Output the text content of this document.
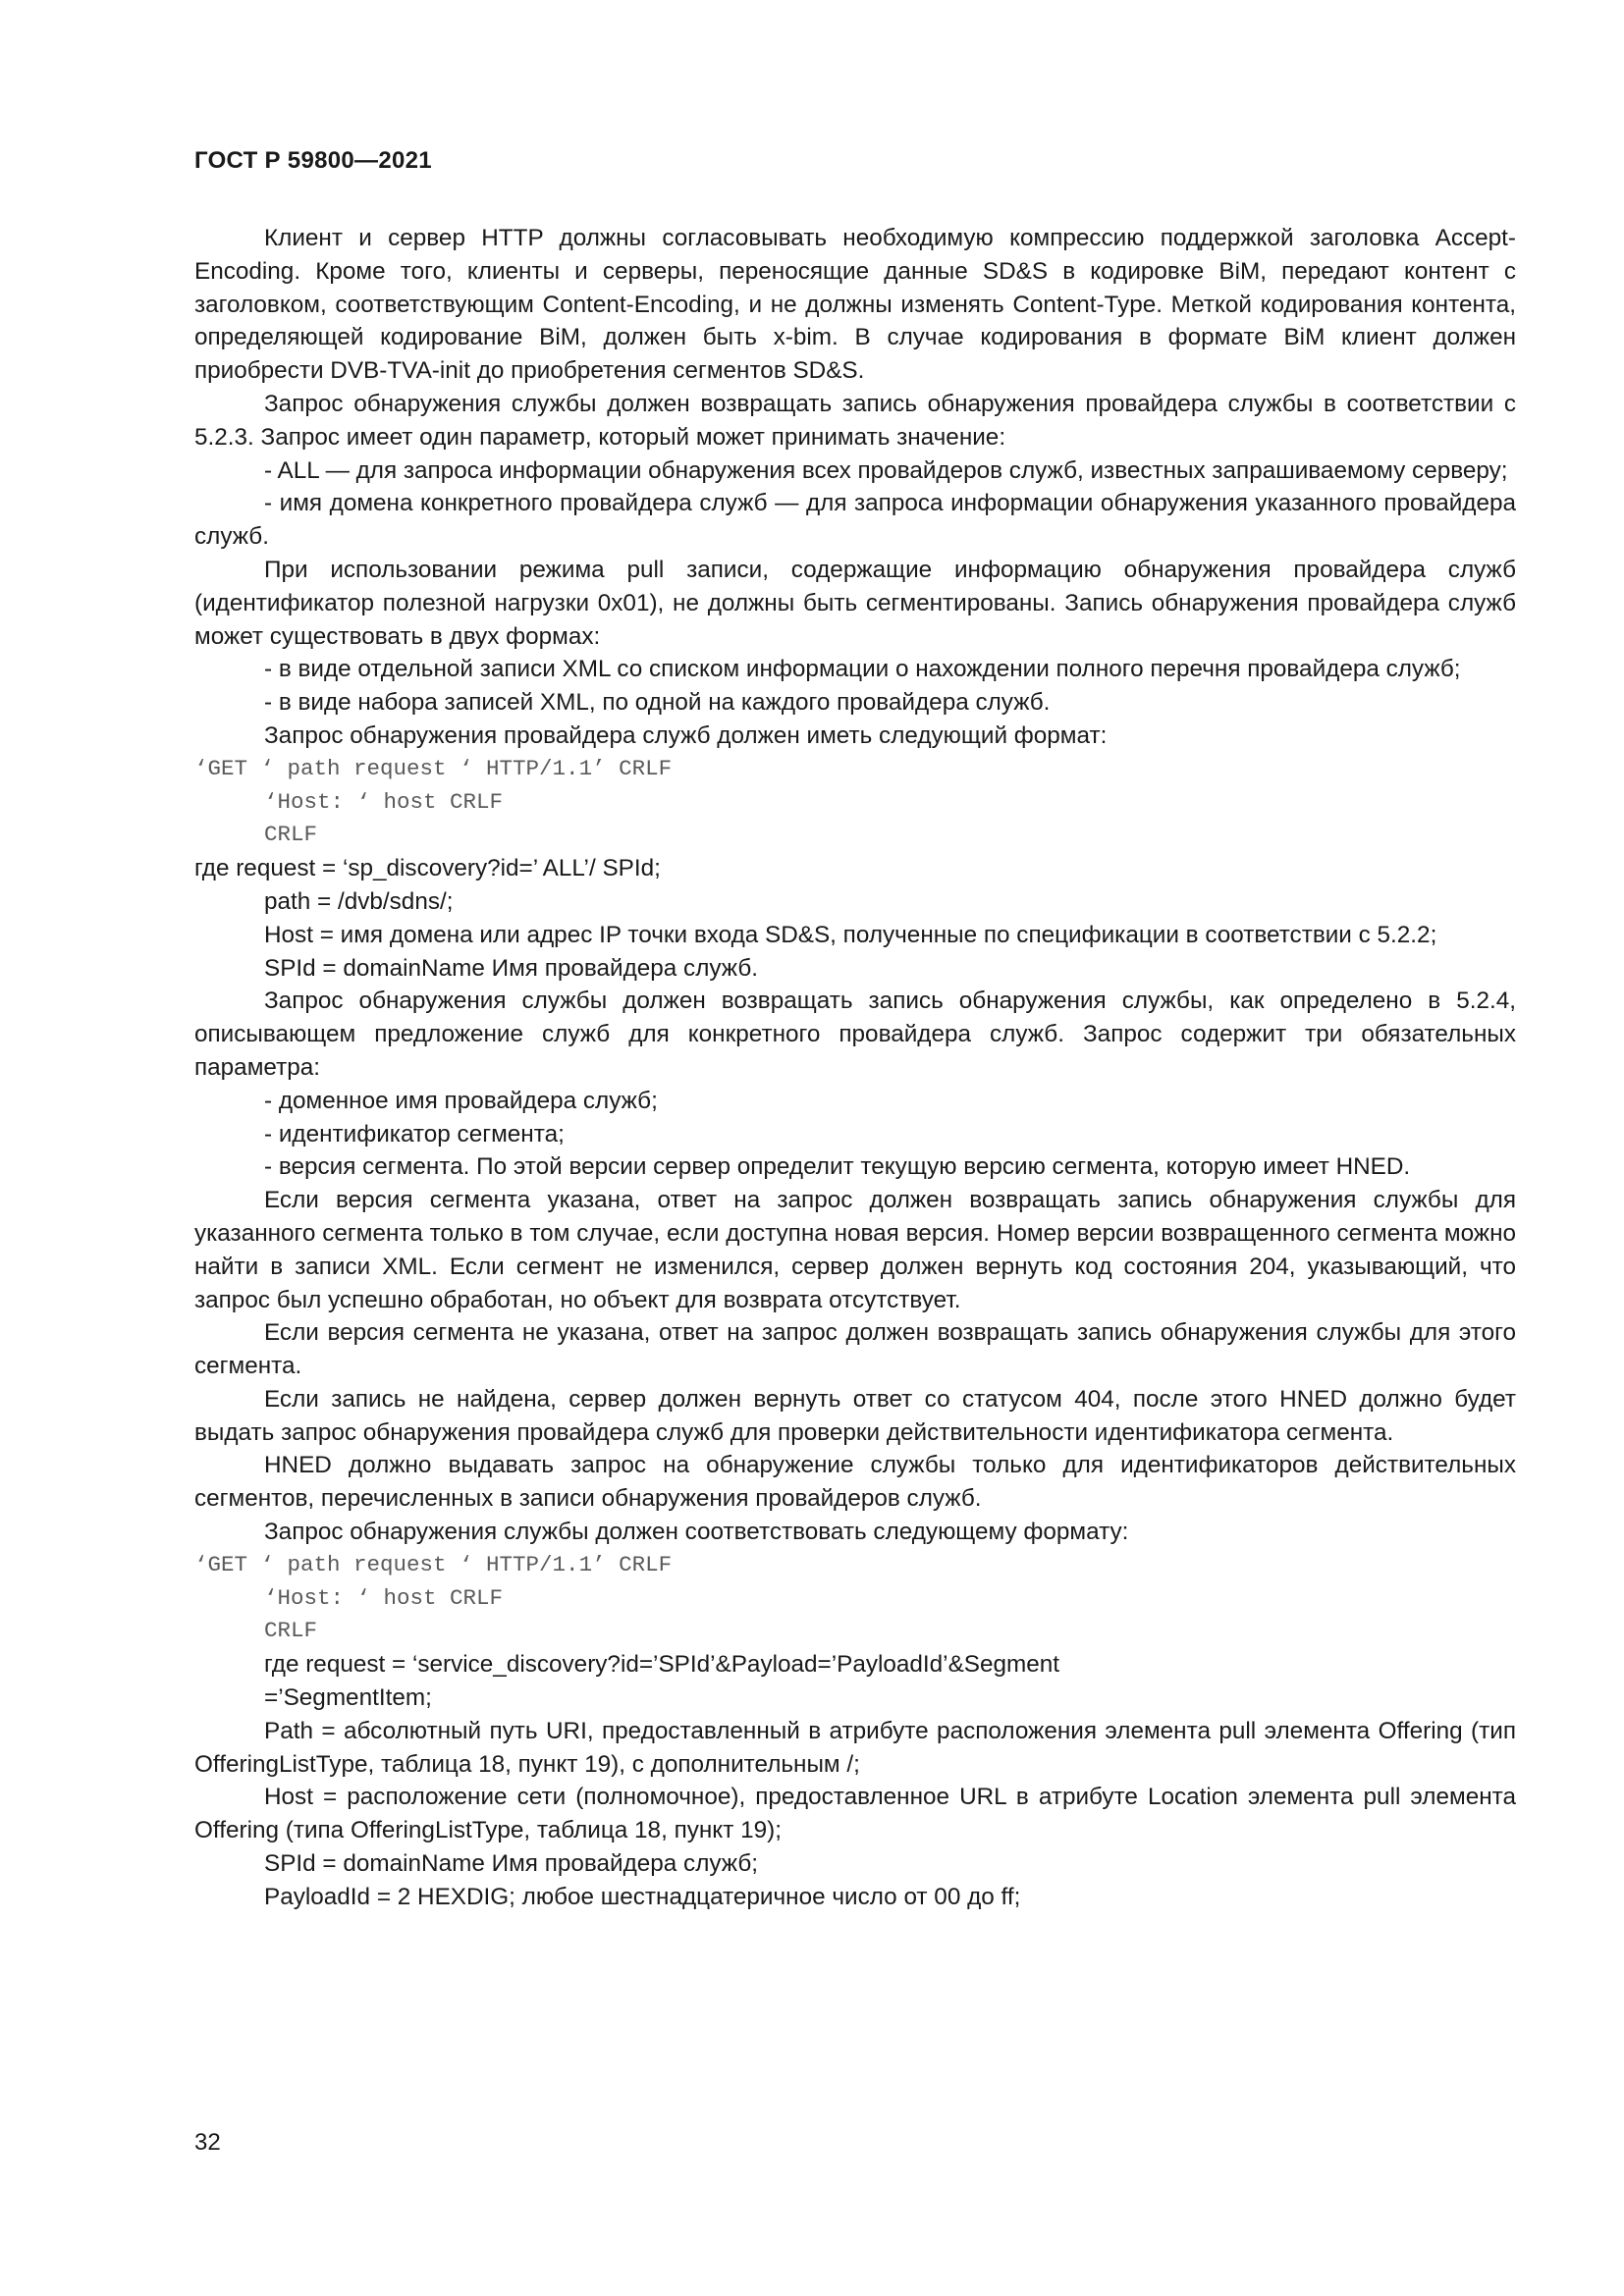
ГОСТ Р 59800—2021

Клиент и сервер HTTP должны согласовывать необходимую компрессию поддержкой заголовка Accept-Encoding. Кроме того, клиенты и серверы, переносящие данные SD&S в кодировке BiM, передают контент с заголовком, соответствующим Content-Encoding, и не должны изменять Content-Type. Меткой кодирования контента, определяющей кодирование BiM, должен быть x-bim. В случае кодирования в формате BiM клиент должен приобрести DVB-TVA-init до приобретения сегментов SD&S.

Запрос обнаружения службы должен возвращать запись обнаружения провайдера службы в соответствии с 5.2.3. Запрос имеет один параметр, который может принимать значение:

- ALL — для запроса информации обнаружения всех провайдеров служб, известных запрашиваемому серверу;

- имя домена конкретного провайдера служб — для запроса информации обнаружения указанного провайдера служб.

При использовании режима pull записи, содержащие информацию обнаружения провайдера служб (идентификатор полезной нагрузки 0x01), не должны быть сегментированы. Запись обнаружения провайдера служб может существовать в двух формах:

- в виде отдельной записи XML со списком информации о нахождении полного перечня провайдера служб;

- в виде набора записей XML, по одной на каждого провайдера служб.

Запрос обнаружения провайдера служб должен иметь следующий формат:

‘GET ‘ path request ‘ HTTP/1.1’ CRLF

‘Host: ‘ host CRLF

CRLF

где request = ‘sp_discovery?id=’ ALL’/ SPId;

path = /dvb/sdns/;

Host = имя домена или адрес IP точки входа SD&S, полученные по спецификации в соответствии с 5.2.2;

SPId = domainName Имя провайдера служб.

Запрос обнаружения службы должен возвращать запись обнаружения службы, как определено в 5.2.4, описывающем предложение служб для конкретного провайдера служб. Запрос содержит три обязательных параметра:

- доменное имя провайдера служб;

- идентификатор сегмента;

- версия сегмента. По этой версии сервер определит текущую версию сегмента, которую имеет HNED.

Если версия сегмента указана, ответ на запрос должен возвращать запись обнаружения службы для указанного сегмента только в том случае, если доступна новая версия. Номер версии возвращенного сегмента можно найти в записи XML. Если сегмент не изменился, сервер должен вернуть код состояния 204, указывающий, что запрос был успешно обработан, но объект для возврата отсутствует.

Если версия сегмента не указана, ответ на запрос должен возвращать запись обнаружения службы для этого сегмента.

Если запись не найдена, сервер должен вернуть ответ со статусом 404, после этого HNED должно будет выдать запрос обнаружения провайдера служб для проверки действительности идентификатора сегмента.

HNED должно выдавать запрос на обнаружение службы только для идентификаторов действительных сегментов, перечисленных в записи обнаружения провайдеров служб.

Запрос обнаружения службы должен соответствовать следующему формату:

‘GET ‘ path request ‘ HTTP/1.1’ CRLF

‘Host: ‘ host CRLF

CRLF

где request = ‘service_discovery?id=’SPId’&Payload=’PayloadId’&Segment

=’SegmentItem;

Path = абсолютный путь URI, предоставленный в атрибуте расположения элемента pull элемента Offering (тип OfferingListType, таблица 18, пункт 19), с дополнительным /;

Host = расположение сети (полномочное), предоставленное URL в атрибуте Location элемента pull элемента Offering (типа OfferingListType, таблица 18, пункт 19);

SPId = domainName Имя провайдера служб;

PayloadId = 2 HEXDIG; любое шестнадцатеричное число от 00 до ff;

32
